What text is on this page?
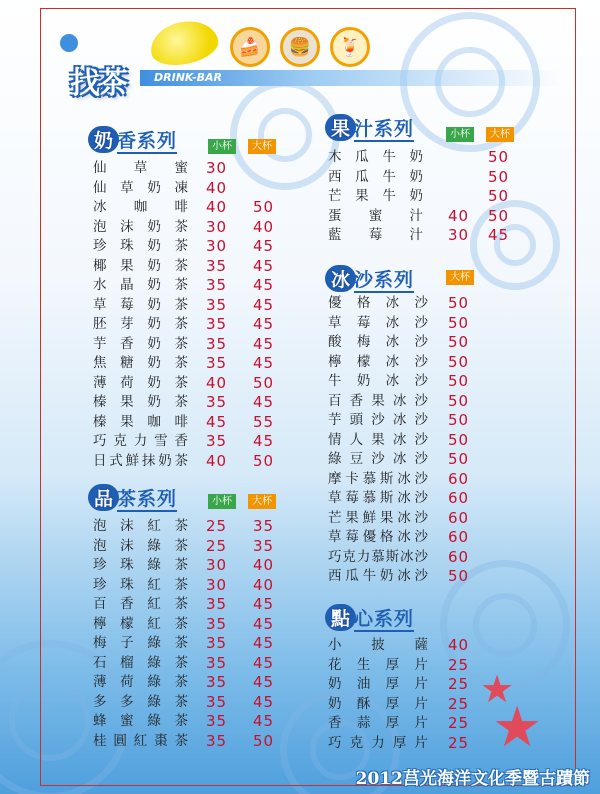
🍰	🍔	🍹
DRINK-BAR
找茶
奶 香系列	小杯	大杯
仙 草 蜜 30
仙 草 奶 凍 40
冰 咖 啡 40 50
泡 沫 奶 茶 30 40
珍 珠 奶 茶 30 45
椰 果 奶 茶 35 45
水 晶 奶 茶 35 45
草 莓 奶 茶 35 45
胚 芽 奶 茶 35 45
芋 香 奶 茶 35 45
焦 糖 奶 茶 35 45
薄 荷 奶 茶 40 50
榛 果 奶 茶 35 45
榛 果 咖 啡 45 55
巧 克 力 雪 香 35 45
日 式 鮮 抹 奶 茶 40 50
品 茶系列	小杯	大杯
泡 沫 紅 茶 25 35
泡 沫 綠 茶 25 35
珍 珠 綠 茶 30 40
珍 珠 紅 茶 30 40
百 香 紅 茶 35 45
檸 檬 紅 茶 35 45
梅 子 綠 茶 35 45
石 榴 綠 茶 35 45
薄 荷 綠 茶 35 45
多 多 綠 茶 35 45
蜂 蜜 綠 茶 35 45
桂 圓 紅 棗 茶 35 50
果 汁系列	小杯	大杯
木 瓜 牛 奶	50
西 瓜 牛 奶	50
芒 果 牛 奶	50
蛋 蜜 汁 40 50
藍 莓 汁 30 45
冰 沙系列	大杯
優 格 冰 沙 50
草 莓 冰 沙 50
酸 梅 冰 沙 50
檸 檬 冰 沙 50
牛 奶 冰 沙 50
百 香 果 冰 沙 50
芋 頭 沙 冰 沙 50
情 人 果 冰 沙 50
綠 豆 沙 冰 沙 50
摩 卡 慕 斯 冰 沙 60
草 莓 慕 斯 冰 沙 60
芒 果 鮮 果 冰 沙 60
草 莓 優 格 冰 沙 60
巧 克 力 慕 斯 冰 沙 60
西 瓜 牛 奶 冰 沙 50
點 心系列
小 披 薩 40
花 生 厚 片 25
奶 油 厚 片 25
奶 酥 厚 片 25
香 蒜 厚 片 25
巧 克 力 厚 片 25
★
★
2012莒光海洋文化季暨古蹟節
